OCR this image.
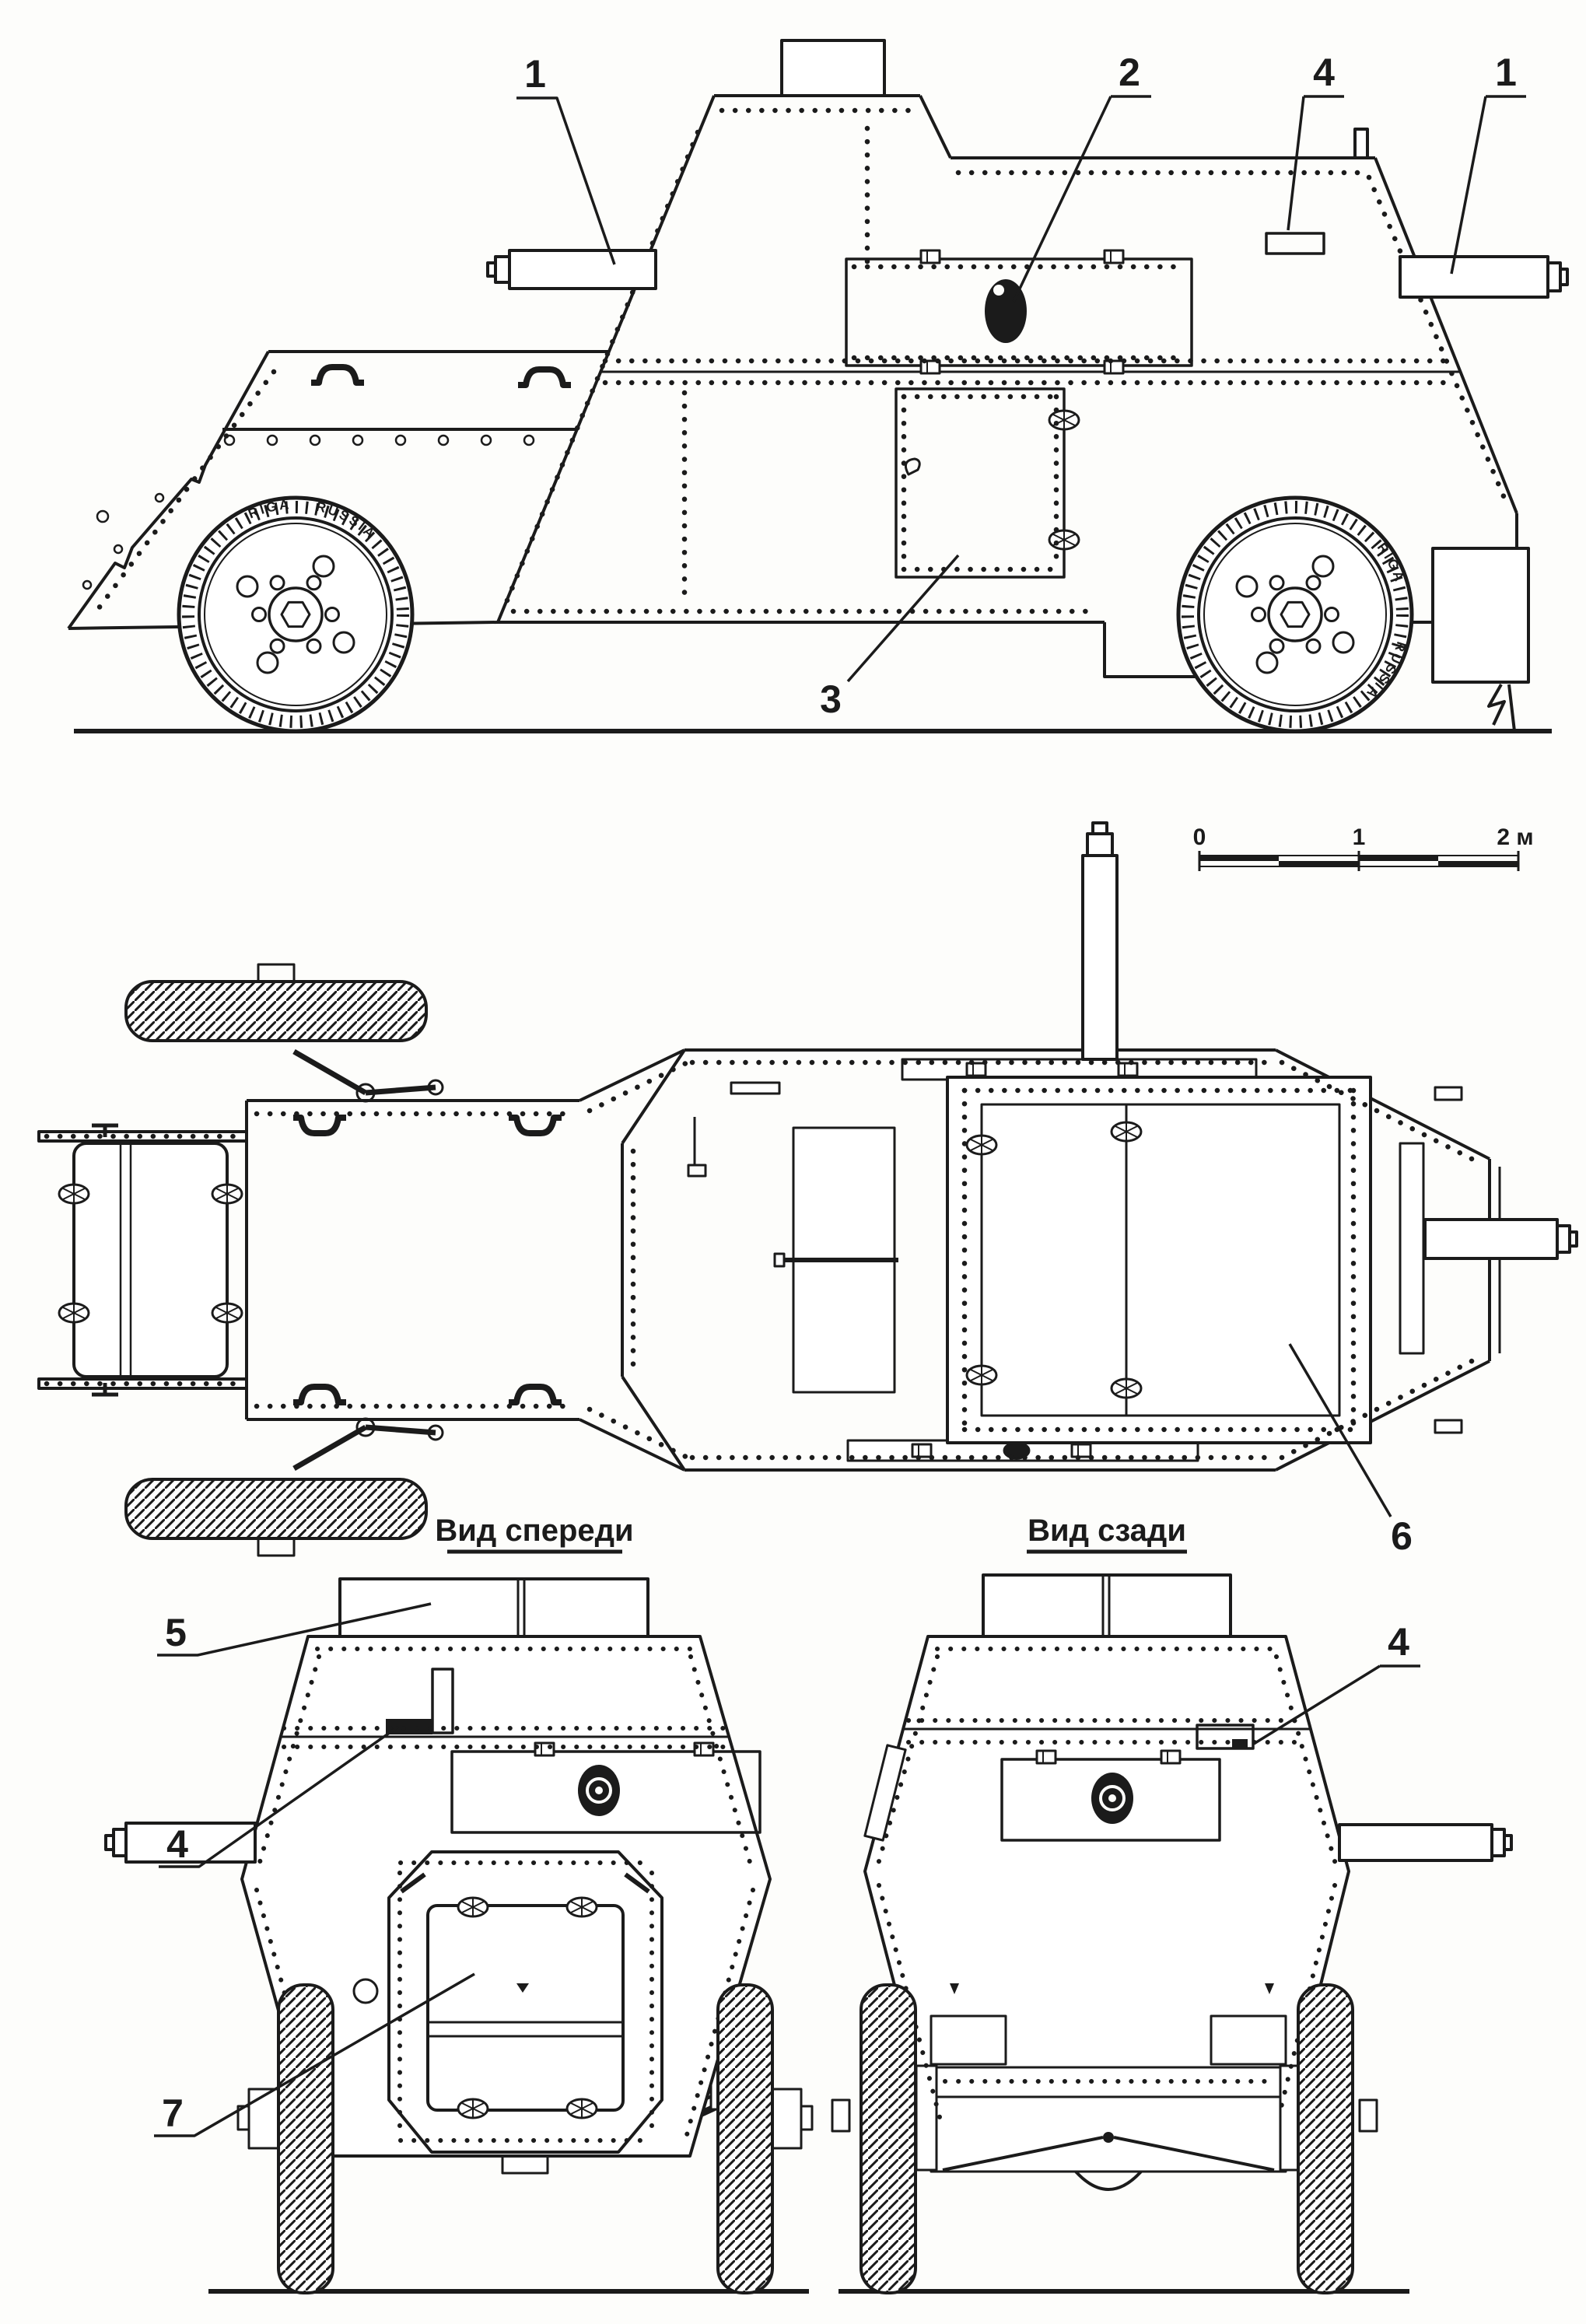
RIGA RUSSIA
RIGA
RUSSIA
1	2	4	1
3
0	1	2 м
6
Вид спереди	Вид сзади
5
4
7
4
